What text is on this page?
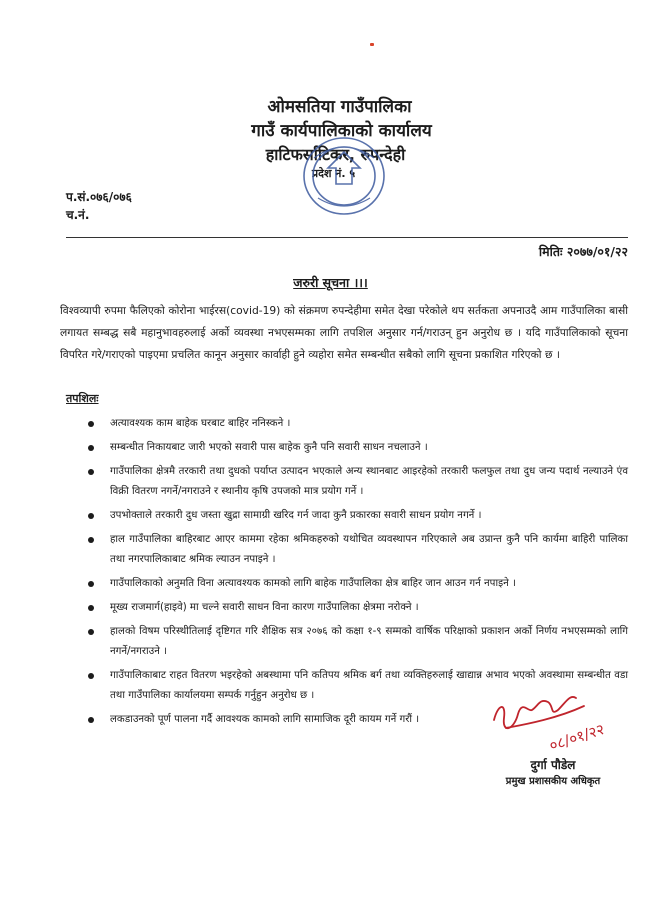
ओमसतिया गाउँपालिका
गाउँ कार्यपालिकाको कार्यालय
हाटिफर्साटिकर, रुपन्देही
प्रदेश नं. ५
प.सं.०७६/०७६
च.नं.
मितिः २०७७/०१/२२
जरुरी सूचना ।।।
विश्वव्यापी रुपमा फैलिएको कोरोना भाईरस(covid-19) को संक्रमण रुपन्देहीमा समेत देखा परेकोले थप सर्तकता अपनाउदै आम गाउँपालिका बासी लगायत सम्बद्ध सबै महानुभावहरुलाई अर्को व्यवस्था नभएसम्मका लागि तपशिल अनुसार गर्न/गराउन् हुन अनुरोध छ । यदि गाउँपालिकाको सूचना विपरित गरे/गराएको पाइएमा प्रचलित कानून अनुसार कार्वाही हुने व्यहोरा समेत सम्बन्धीत सबैको लागि सूचना प्रकाशित गरिएको छ ।
तपशिलः
अत्यावश्यक काम बाहेक घरबाट बाहिर ननिस्कने ।
सम्बन्धीत निकायबाट जारी भएको सवारी पास बाहेक कुनै पनि सवारी साधन नचलाउने ।
गाउँपालिका क्षेत्रमै तरकारी तथा दुधको पर्याप्त उत्पादन भएकाले अन्य स्थानबाट आइरहेको तरकारी फलफुल तथा दुध जन्य पदार्थ नल्याउने एंव विक्री वितरण नगर्ने/नगराउने र स्थानीय कृषि उपजको मात्र प्रयोग गर्ने ।
उपभोक्ताले तरकारी दुध जस्ता खुद्रा सामाग्री खरिद गर्न जादा कुनै प्रकारका सवारी साधन प्रयोग नगर्ने ।
हाल गाउँपालिका बाहिरबाट आएर काममा रहेका श्रमिकहरुको यथोचित व्यवस्थापन गरिएकाले अब उप्रान्त कुनै पनि कार्यमा बाहिरी पालिका तथा नगरपालिकाबाट श्रमिक ल्याउन नपाइने ।
गाउँपालिकाको अनुमति विना अत्यावश्यक कामको लागि बाहेक गाउँपालिका क्षेत्र बाहिर जान आउन गर्न नपाइने ।
मूख्य राजमार्ग(हाइवे) मा चल्ने सवारी साधन विना कारण गाउँपालिका क्षेत्रमा नरोक्ने ।
हालको विषम परिस्थीतिलाई दृष्टिगत गरि शैक्षिक सत्र २०७६ को कक्षा १-९ सम्मको वार्षिक परिक्षाको प्रकाशन अर्को निर्णय नभएसम्मको लागि नगर्ने/नगराउने ।
गाउँपालिकाबाट राहत वितरण भइरहेको अबस्थामा पनि कतिपय श्रमिक बर्ग तथा व्यक्तिहरुलाई खाद्यान्न अभाव भएको अवस्थामा सम्बन्धीत वडा तथा गाउँपालिका कार्यालयमा सम्पर्क गर्नुहुन अनुरोध छ ।
लकडाउनको पूर्ण पालना गर्दै आवश्यक कामको लागि सामाजिक दूरी कायम गर्ने गरौं ।
०८/०१/२२
दुर्गा पौडेल
प्रमुख प्रशासकीय अधिकृत
